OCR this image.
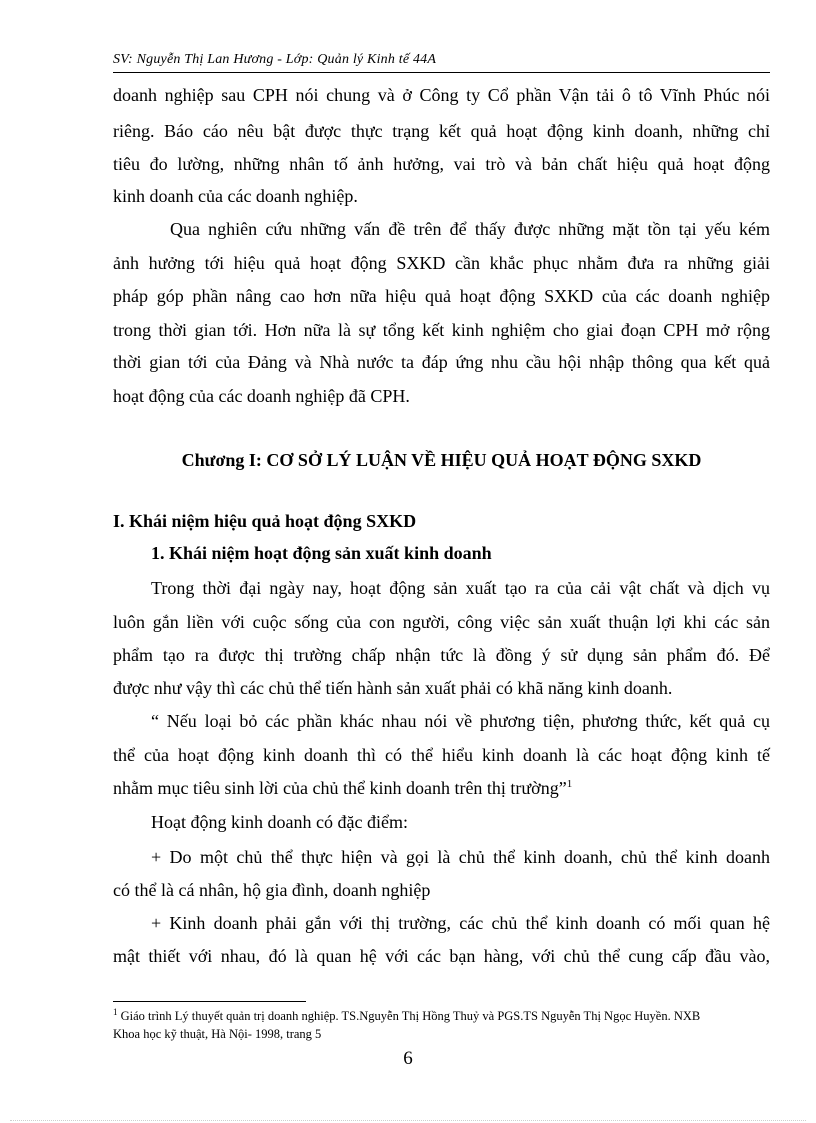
SV: Nguyễn Thị Lan Hương - Lớp: Quản lý Kinh tế 44A
doanh nghiệp sau CPH nói chung và ở Công ty Cổ phần Vận tải ô tô Vĩnh Phúc nói
riêng. Báo cáo nêu bật được thực trạng kết quả hoạt động kinh doanh, những chỉ
tiêu đo lường, những nhân tố ảnh hưởng, vai trò và bản chất hiệu quả hoạt động
kinh doanh của các doanh nghiệp.
Qua nghiên cứu những vấn đề trên để thấy được những mặt tồn tại yếu kém
ảnh hưởng tới hiệu quả hoạt động SXKD cần khắc phục nhằm đưa ra những giải
pháp góp phần nâng cao hơn nữa hiệu quả hoạt động SXKD của các doanh nghiệp
trong thời gian tới. Hơn nữa là sự tổng kết kinh nghiệm cho giai đoạn CPH mở rộng
thời gian tới của Đảng và Nhà nước ta đáp ứng nhu cầu hội nhập thông qua kết quả
hoạt động của các doanh nghiệp đã CPH.
Chương I: CƠ SỞ LÝ LUẬN VỀ HIỆU QUẢ HOẠT ĐỘNG SXKD
I. Khái niệm hiệu quả hoạt động SXKD
1. Khái niệm hoạt động sản xuất kinh doanh
Trong thời đại ngày nay, hoạt động sản xuất tạo ra của cải vật chất và dịch vụ
luôn gắn liền với cuộc sống của con người, công việc sản xuất thuận lợi khi các sản
phẩm tạo ra được thị trường chấp nhận tức là đồng ý sử dụng sản phẩm đó. Để
được như vậy thì các chủ thể tiến hành sản xuất phải có khã năng kinh doanh.
“ Nếu loại bỏ các phần khác nhau nói về phương tiện, phương thức, kết quả cụ
thể của hoạt động kinh doanh thì có thể hiểu kinh doanh là các hoạt động kinh tế
nhằm mục tiêu sinh lời của chủ thể kinh doanh trên thị trường”$^1$
Hoạt động kinh doanh có đặc điểm:
+ Do một chủ thể thực hiện và gọi là chủ thể kinh doanh, chủ thể kinh doanh
có thể là cá nhân, hộ gia đình, doanh nghiệp
+ Kinh doanh phải gắn với thị trường, các chủ thể kinh doanh có mối quan hệ
mật thiết với nhau, đó là quan hệ với các bạn hàng, với chủ thể cung cấp đầu vào,
$^1$ Giáo trình Lý thuyết quản trị doanh nghiệp. TS.Nguyễn Thị Hồng Thuỷ và PGS.TS Nguyễn Thị Ngọc Huyền. NXB
Khoa học kỹ thuật, Hà Nội- 1998, trang 5
6
